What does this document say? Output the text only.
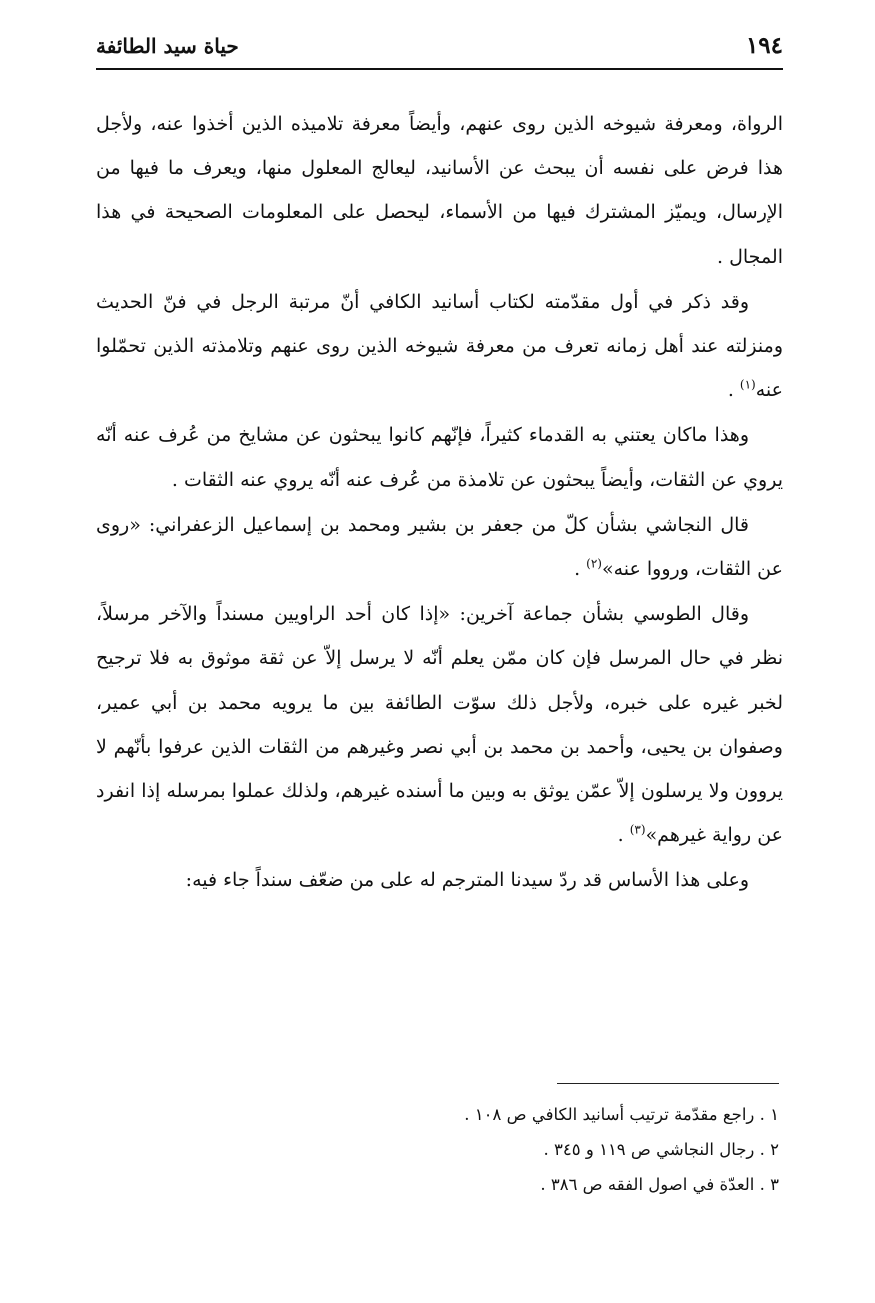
١٩٤
حياة سيد الطائفة

الرواة، ومعرفة شيوخه الذين روى عنهم، وأيضاً معرفة تلاميذه الذين أخذوا عنه، ولأجل هذا فرض على نفسه أن يبحث عن الأسانيد، ليعالج المعلول منها، ويعرف ما فيها من الإرسال، ويميّز المشترك فيها من الأسماء، ليحصل على المعلومات الصحيحة في هذا المجال .

وقد ذكر في أول مقدّمته لكتاب أسانيد الكافي أنّ مرتبة الرجل في فنّ الحديث ومنزلته عند أهل زمانه تعرف من معرفة شيوخه الذين روى عنهم وتلامذته الذين تحمّلوا عنه$^{(١)}$ .

وهذا ماكان يعتني به القدماء كثيراً، فإنّهم كانوا يبحثون عن مشايخ من عُرف عنه أنّه يروي عن الثقات، وأيضاً يبحثون عن تلامذة من عُرف عنه أنّه يروي عنه الثقات .

قال النجاشي بشأن كلّ من جعفر بن بشير ومحمد بن إسماعيل الزعفراني: «روى عن الثقات، ورووا عنه»$^{(٢)}$ .

وقال الطوسي بشأن جماعة آخرين: «إذا كان أحد الراويين مسنداً والآخر مرسلاً، نظر في حال المرسل فإن كان ممّن يعلم أنّه لا يرسل إلاّ عن ثقة موثوق به فلا ترجيح لخبر غيره على خبره، ولأجل ذلك سوّت الطائفة بين ما يرويه محمد بن أبي عمير، وصفوان بن يحيى، وأحمد بن محمد بن أبي نصر وغيرهم من الثقات الذين عرفوا بأنّهم لا يروون ولا يرسلون إلاّ عمّن يوثق به وبين ما أسنده غيرهم، ولذلك عملوا بمرسله إذا انفرد عن رواية غيرهم»$^{(٣)}$ .

وعلى هذا الأساس قد ردّ سيدنا المترجم له على من ضعّف سنداً جاء فيه:

١ . راجع مقدّمة ترتيب أسانيد الكافي ص ١٠٨ .
٢ . رجال النجاشي ص ١١٩ و ٣٤٥ .
٣ . العدّة في اصول الفقه ص ٣٨٦ .
